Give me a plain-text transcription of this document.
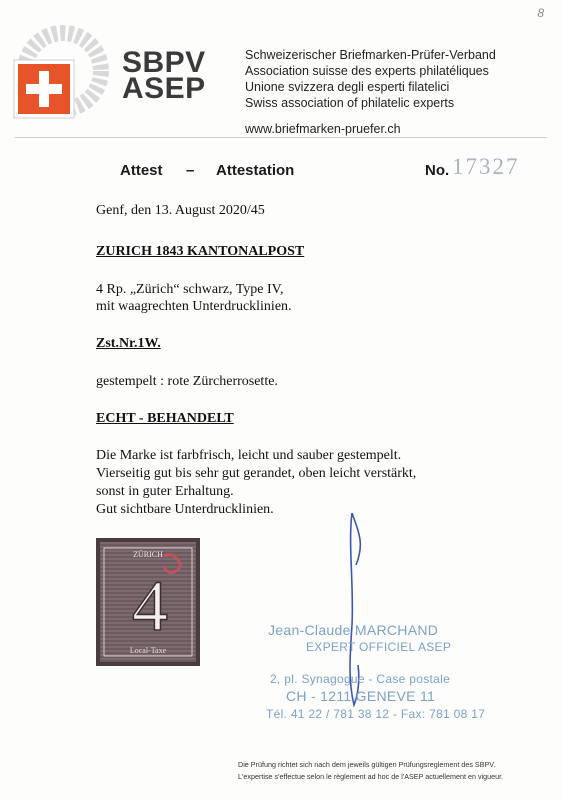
8
SBPV
ASEP
Schweizerischer Briefmarken-Prüfer-Verband
Association suisse des experts philatéliques
Unione svizzera degli esperti filatelici
Swiss association of philatelic experts
www.briefmarken-pruefer.ch
Attest – Attestation	No. 17327
Genf, den 13. August 2020/45
ZURICH 1843 KANTONALPOST
4 Rp. „Zürich“ schwarz, Type IV,
mit waagrechten Unterdrucklinien.
Zst.Nr.1W.
gestempelt : rote Zürcherrosette.
ECHT - BEHANDELT
Die Marke ist farbfrisch, leicht und sauber gestempelt.
Vierseitig gut bis sehr gut gerandet, oben leicht verstärkt,
sonst in guter Erhaltung.
Gut sichtbare Unterdrucklinien.
ZÜRICH
4
Local-Taxe
Jean-Claude MARCHAND
EXPERT OFFICIEL ASEP
2, pl. Synagogue - Case postale
CH - 1211 GENEVE 11
Tél. 41 22 / 781 38 12 - Fax: 781 08 17
Die Prüfung richtet sich nach dem jeweils gültigen Prüfungsreglement des SBPV.
L'expertise s'effectue selon le règlement ad hoc de l'ASEP actuellement en vigueur.
